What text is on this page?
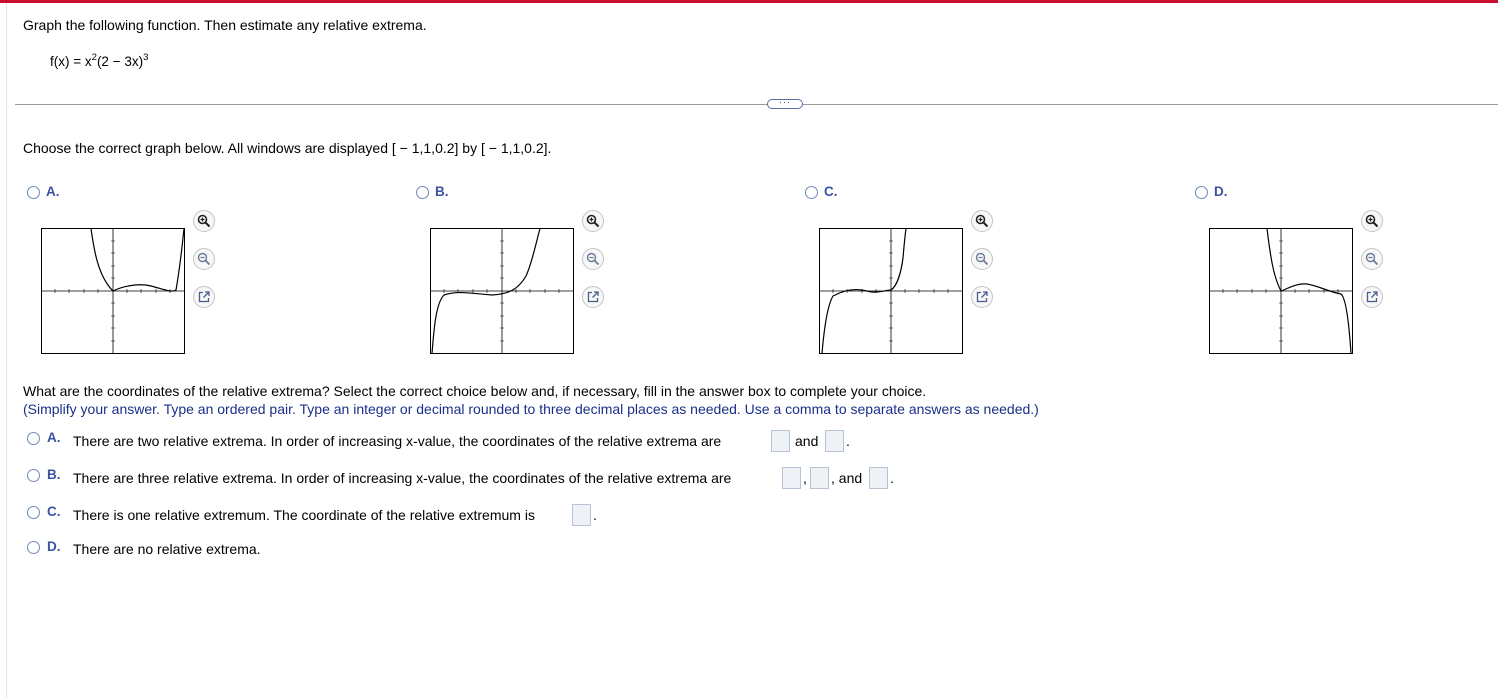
Graph the following function. Then estimate any relative extrema.
$f(x) = x^2(2 - 3x)^3$
···
Choose the correct graph below. All windows are displayed [ − 1,1,0.2] by [ − 1,1,0.2].
A.	B.	C.	D.
What are the coordinates of the relative extrema? Select the correct choice below and, if necessary, fill in the answer box to complete your choice.
(Simplify your answer. Type an ordered pair. Type an integer or decimal rounded to three decimal places as needed. Use a comma to separate answers as needed.)
A. There are two relative extrema. In order of increasing x-value, the coordinates of the relative extrema are	and .
B. There are three relative extrema. In order of increasing x-value, the coordinates of the relative extrema are	, , and .
C. There is one relative extremum. The coordinate of the relative extremum is	.
D. There are no relative extrema.
